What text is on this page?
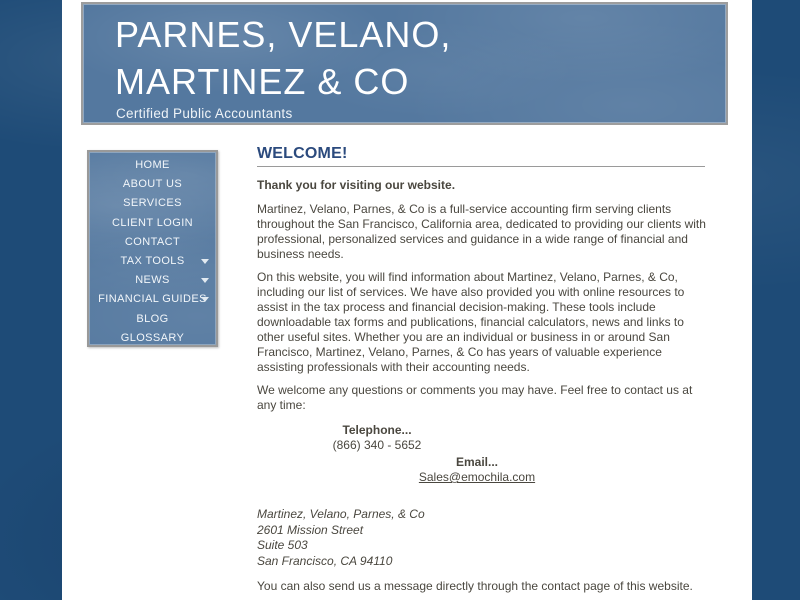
PARNES, VELANO,
MARTINEZ & CO
Certified Public Accountants
HOME
ABOUT US
SERVICES
CLIENT LOGIN
CONTACT
TAX TOOLS
NEWS
FINANCIAL GUIDES
BLOG
GLOSSARY
WELCOME!
Thank you for visiting our website.

Martinez, Velano, Parnes, & Co is a full-service accounting firm serving clients throughout the San Francisco, California area, dedicated to providing our clients with professional, personalized services and guidance in a wide range of financial and business needs.

On this website, you will find information about Martinez, Velano, Parnes, & Co, including our list of services. We have also provided you with online resources to assist in the tax process and financial decision-making. These tools include downloadable tax forms and publications, financial calculators, news and links to other useful sites. Whether you are an individual or business in or around San Francisco, Martinez, Velano, Parnes, & Co has years of valuable experience assisting professionals with their accounting needs.

We welcome any questions or comments you may have. Feel free to contact us at any time:

Telephone...
(866) 340 - 5652
Email...
Sales@emochila.com
Martinez, Velano, Parnes, & Co
2601 Mission Street
Suite 503
San Francisco, CA 94110

You can also send us a message directly through the contact page of this website.
